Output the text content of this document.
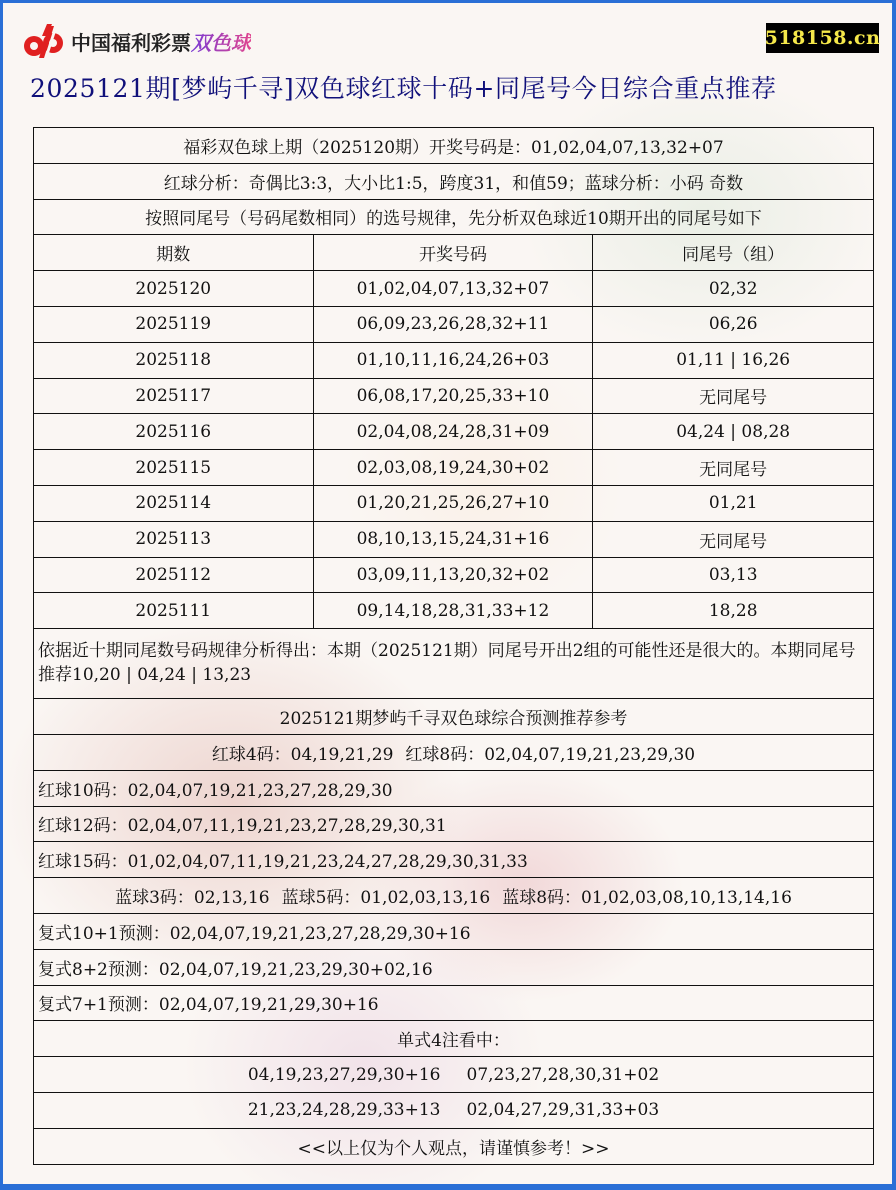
中国福利彩票 双色球	518158.cn
2025121期[梦屿千寻]双色球红球十码+同尾号今日综合重点推荐
福彩双色球上期（2025120期）开奖号码是：01,02,04,07,13,32+07		
红球分析：奇偶比3:3，大小比1:5，跨度31，和值59；蓝球分析：小码 奇数		
按照同尾号（号码尾数相同）的选号规律，先分析双色球近10期开出的同尾号如下		
期数	开奖号码	同尾号（组）
2025120	01,02,04,07,13,32+07	02,32
2025119	06,09,23,26,28,32+11	06,26
2025118	01,10,11,16,24,26+03	01,11 | 16,26
2025117	06,08,17,20,25,33+10	无同尾号
2025116	02,04,08,24,28,31+09	04,24 | 08,28
2025115	02,03,08,19,24,30+02	无同尾号
2025114	01,20,21,25,26,27+10	01,21
2025113	08,10,13,15,24,31+16	无同尾号
2025112	03,09,11,13,20,32+02	03,13
2025111	09,14,18,28,31,33+12	18,28
依据近十期同尾数号码规律分析得出：本期（2025121期）同尾号开出2组的可能性还是很大的。本期同尾号推荐10,20 | 04,24 | 13,23		
2025121期梦屿千寻双色球综合预测推荐参考		
红球4码：04,19,21,29 红球8码：02,04,07,19,21,23,29,30		
红球10码：02,04,07,19,21,23,27,28,29,30		
红球12码：02,04,07,11,19,21,23,27,28,29,30,31		
红球15码：01,02,04,07,11,19,21,23,24,27,28,29,30,31,33		
蓝球3码：02,13,16 蓝球5码：01,02,03,13,16 蓝球8码：01,02,03,08,10,13,14,16		
复式10+1预测：02,04,07,19,21,23,27,28,29,30+16		
复式8+2预测：02,04,07,19,21,23,29,30+02,16		
复式7+1预测：02,04,07,19,21,29,30+16		
单式4注看中：		
04,19,23,27,29,30+16 07,23,27,28,30,31+02		
21,23,24,28,29,33+13 02,04,27,29,31,33+03		
<<以上仅为个人观点，请谨慎参考！>>		
